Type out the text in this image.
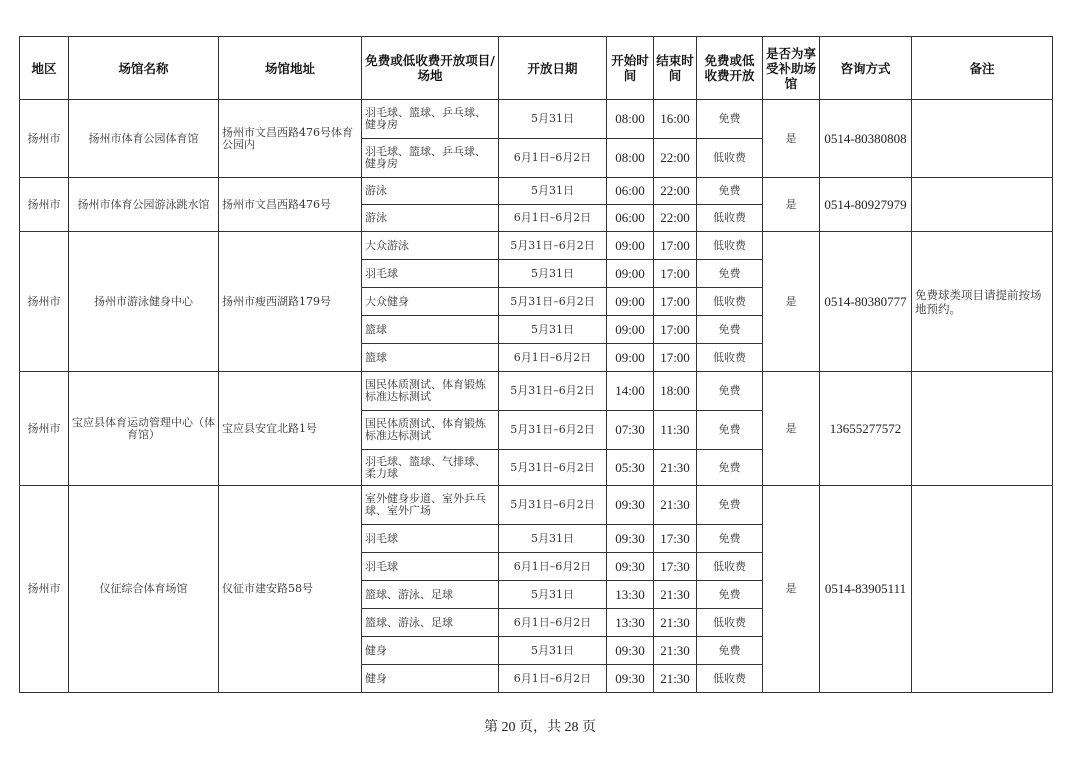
地区	场馆名称	场馆地址	免费或低收费开放项目/场地	开放日期	开始时间	结束时间	免费或低收费开放	是否为享受补助场馆	咨询方式	备注
扬州市	扬州市体育公园体育馆	扬州市文昌西路476号体育公园内	羽毛球、篮球、乒乓球、健身房	5月31日	08:00	16:00	免费	是	0514-80380808	
			羽毛球、篮球、乒乓球、健身房	6月1日–6月2日	08:00	22:00	低收费			
扬州市	扬州市体育公园游泳跳水馆	扬州市文昌西路476号	游泳	5月31日	06:00	22:00	免费	是	0514-80927979	
			游泳	6月1日–6月2日	06:00	22:00	低收费			
扬州市	扬州市游泳健身中心	扬州市瘦西湖路179号	大众游泳	5月31日–6月2日	09:00	17:00	低收费	是	0514-80380777	免费球类项目请提前按场地预约。
			羽毛球	5月31日	09:00	17:00	免费			
			大众健身	5月31日–6月2日	09:00	17:00	低收费			
			篮球	5月31日	09:00	17:00	免费			
			篮球	6月1日–6月2日	09:00	17:00	低收费			
扬州市	宝应县体育运动管理中心（体育馆）	宝应县安宜北路1号	国民体质测试、体育锻炼标准达标测试	5月31日–6月2日	14:00	18:00	免费	是	13655277572	
			国民体质测试、体育锻炼标准达标测试	5月31日–6月2日	07:30	11:30	免费			
			羽毛球、篮球、气排球、柔力球	5月31日–6月2日	05:30	21:30	免费			
扬州市	仪征综合体育场馆	仪征市建安路58号	室外健身步道、室外乒乓球、室外广场	5月31日–6月2日	09:30	21:30	免费	是	0514-83905111	
			羽毛球	5月31日	09:30	17:30	免费			
			羽毛球	6月1日–6月2日	09:30	17:30	低收费			
			篮球、游泳、足球	5月31日	13:30	21:30	免费			
			篮球、游泳、足球	6月1日–6月2日	13:30	21:30	低收费			
			健身	5月31日	09:30	21:30	免费			
			健身	6月1日–6月2日	09:30	21:30	低收费			
第 20 页，共 28 页
